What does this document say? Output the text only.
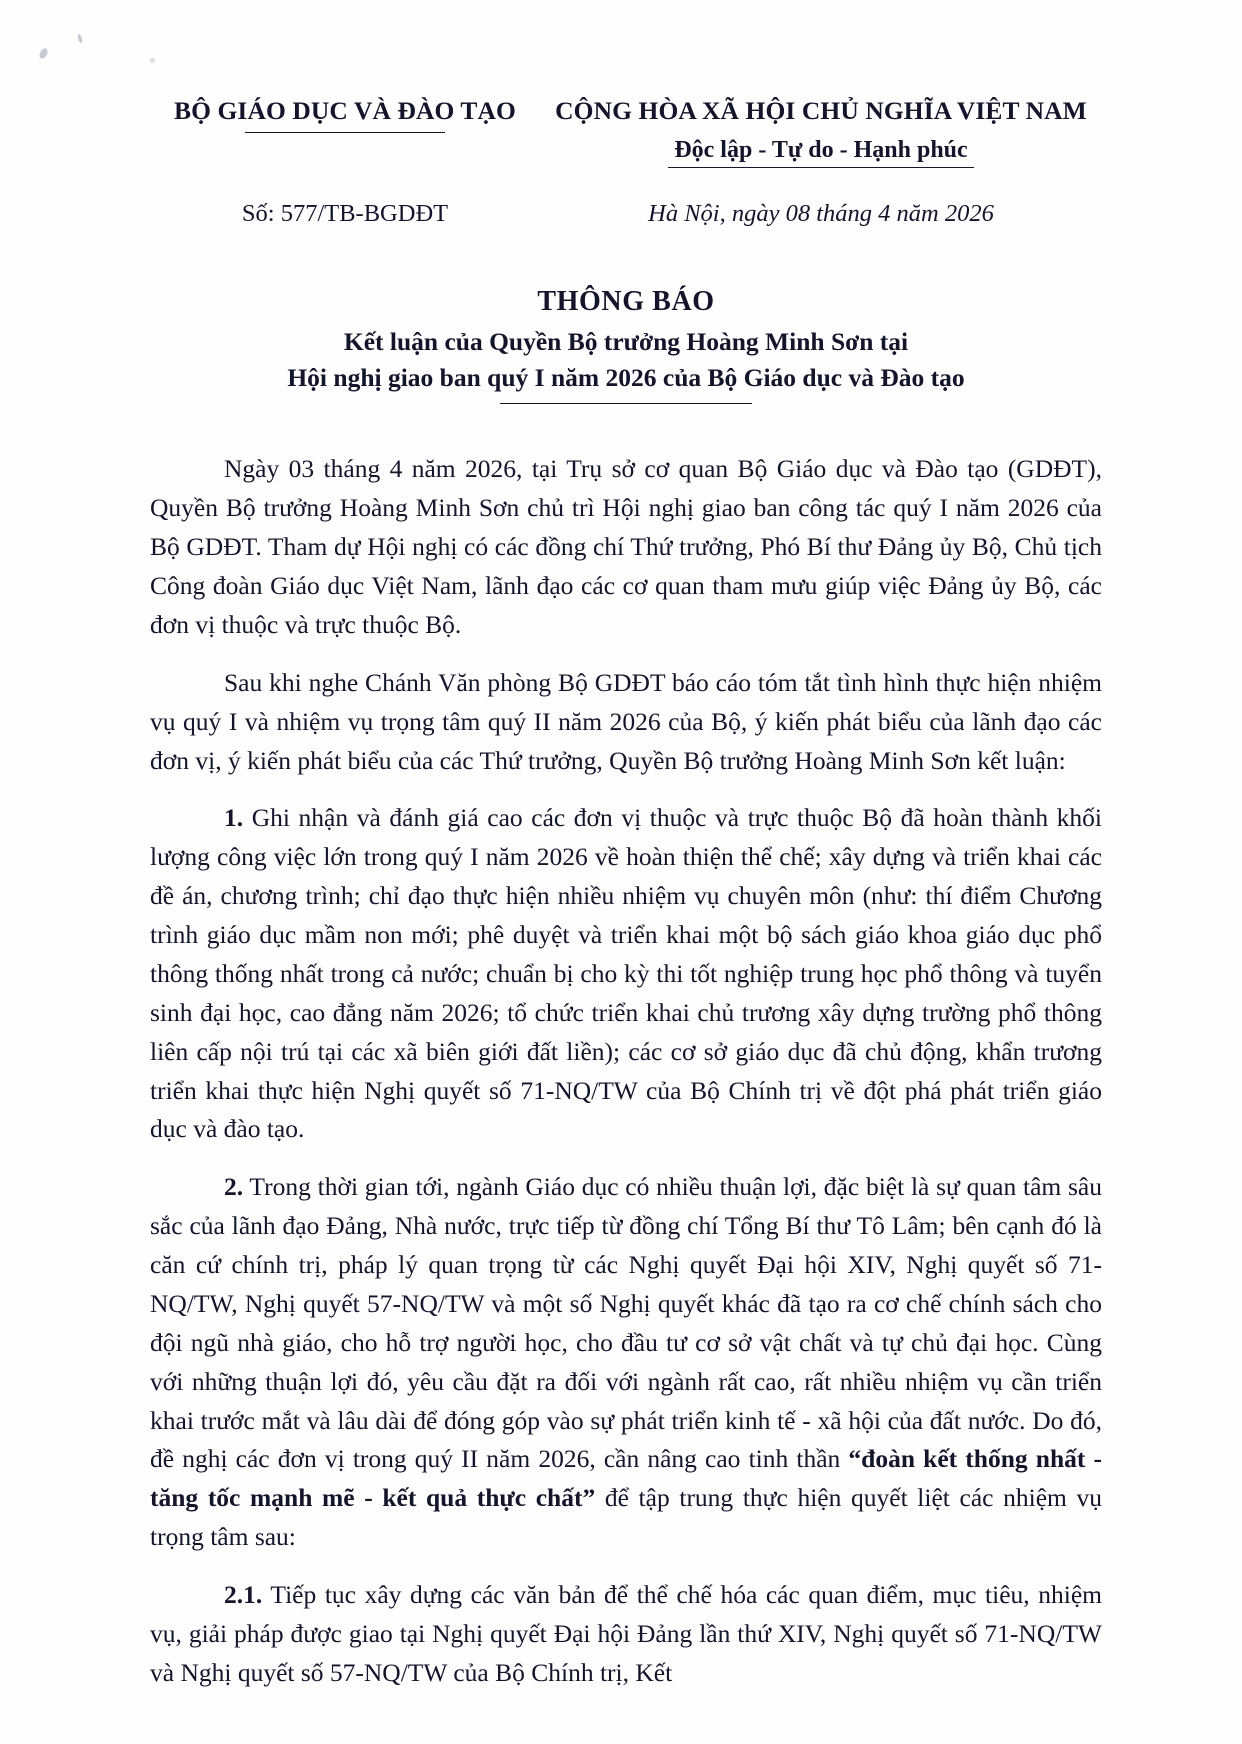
BỘ GIÁO DỤC VÀ ĐÀO TẠO	CỘNG HÒA XÃ HỘI CHỦ NGHĨA VIỆT NAM
Độc lập - Tự do - Hạnh phúc
Số: 577/TB-BGDĐT	Hà Nội, ngày 08 tháng 4 năm 2026
THÔNG BÁO
Kết luận của Quyền Bộ trưởng Hoàng Minh Sơn tại
Hội nghị giao ban quý I năm 2026 của Bộ Giáo dục và Đào tạo

Ngày 03 tháng 4 năm 2026, tại Trụ sở cơ quan Bộ Giáo dục và Đào tạo (GDĐT), Quyền Bộ trưởng Hoàng Minh Sơn chủ trì Hội nghị giao ban công tác quý I năm 2026 của Bộ GDĐT. Tham dự Hội nghị có các đồng chí Thứ trưởng, Phó Bí thư Đảng ủy Bộ, Chủ tịch Công đoàn Giáo dục Việt Nam, lãnh đạo các cơ quan tham mưu giúp việc Đảng ủy Bộ, các đơn vị thuộc và trực thuộc Bộ.

Sau khi nghe Chánh Văn phòng Bộ GDĐT báo cáo tóm tắt tình hình thực hiện nhiệm vụ quý I và nhiệm vụ trọng tâm quý II năm 2026 của Bộ, ý kiến phát biểu của lãnh đạo các đơn vị, ý kiến phát biểu của các Thứ trưởng, Quyền Bộ trưởng Hoàng Minh Sơn kết luận:

1. Ghi nhận và đánh giá cao các đơn vị thuộc và trực thuộc Bộ đã hoàn thành khối lượng công việc lớn trong quý I năm 2026 về hoàn thiện thể chế; xây dựng và triển khai các đề án, chương trình; chỉ đạo thực hiện nhiều nhiệm vụ chuyên môn (như: thí điểm Chương trình giáo dục mầm non mới; phê duyệt và triển khai một bộ sách giáo khoa giáo dục phổ thông thống nhất trong cả nước; chuẩn bị cho kỳ thi tốt nghiệp trung học phổ thông và tuyển sinh đại học, cao đẳng năm 2026; tổ chức triển khai chủ trương xây dựng trường phổ thông liên cấp nội trú tại các xã biên giới đất liền); các cơ sở giáo dục đã chủ động, khẩn trương triển khai thực hiện Nghị quyết số 71-NQ/TW của Bộ Chính trị về đột phá phát triển giáo dục và đào tạo.

2. Trong thời gian tới, ngành Giáo dục có nhiều thuận lợi, đặc biệt là sự quan tâm sâu sắc của lãnh đạo Đảng, Nhà nước, trực tiếp từ đồng chí Tổng Bí thư Tô Lâm; bên cạnh đó là căn cứ chính trị, pháp lý quan trọng từ các Nghị quyết Đại hội XIV, Nghị quyết số 71-NQ/TW, Nghị quyết 57-NQ/TW và một số Nghị quyết khác đã tạo ra cơ chế chính sách cho đội ngũ nhà giáo, cho hỗ trợ người học, cho đầu tư cơ sở vật chất và tự chủ đại học. Cùng với những thuận lợi đó, yêu cầu đặt ra đối với ngành rất cao, rất nhiều nhiệm vụ cần triển khai trước mắt và lâu dài để đóng góp vào sự phát triển kinh tế - xã hội của đất nước. Do đó, đề nghị các đơn vị trong quý II năm 2026, cần nâng cao tinh thần “đoàn kết thống nhất - tăng tốc mạnh mẽ - kết quả thực chất” để tập trung thực hiện quyết liệt các nhiệm vụ trọng tâm sau:

2.1. Tiếp tục xây dựng các văn bản để thể chế hóa các quan điểm, mục tiêu, nhiệm vụ, giải pháp được giao tại Nghị quyết Đại hội Đảng lần thứ XIV, Nghị quyết số 71-NQ/TW và Nghị quyết số 57-NQ/TW của Bộ Chính trị, Kết
